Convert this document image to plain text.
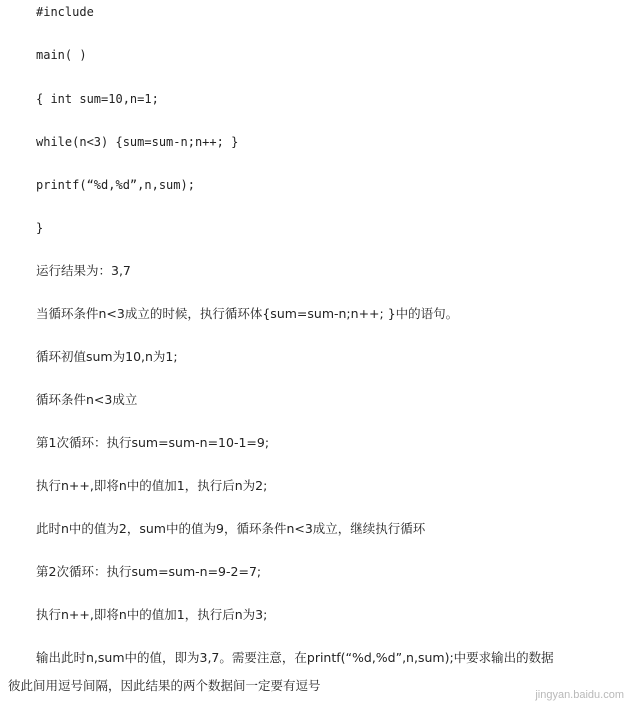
#include
main( )
{ int sum=10,n=1;
while(n<3) {sum=sum-n;n++; }
printf(“%d,%d”,n,sum);
}
运行结果为：3,7
当循环条件n<3成立的时候，执行循环体{sum=sum-n;n++; }中的语句。
循环初值sum为10,n为1;
循环条件n<3成立
第1次循环：执行sum=sum-n=10-1=9;
执行n++,即将n中的值加1，执行后n为2;
此时n中的值为2，sum中的值为9，循环条件n<3成立，继续执行循环
第2次循环：执行sum=sum-n=9-2=7;
执行n++,即将n中的值加1，执行后n为3;
输出此时n,sum中的值，即为3,7。需要注意，在printf(“%d,%d”,n,sum);中要求输出的数据
彼此间用逗号间隔，因此结果的两个数据间一定要有逗号
jingyan.baidu.com
